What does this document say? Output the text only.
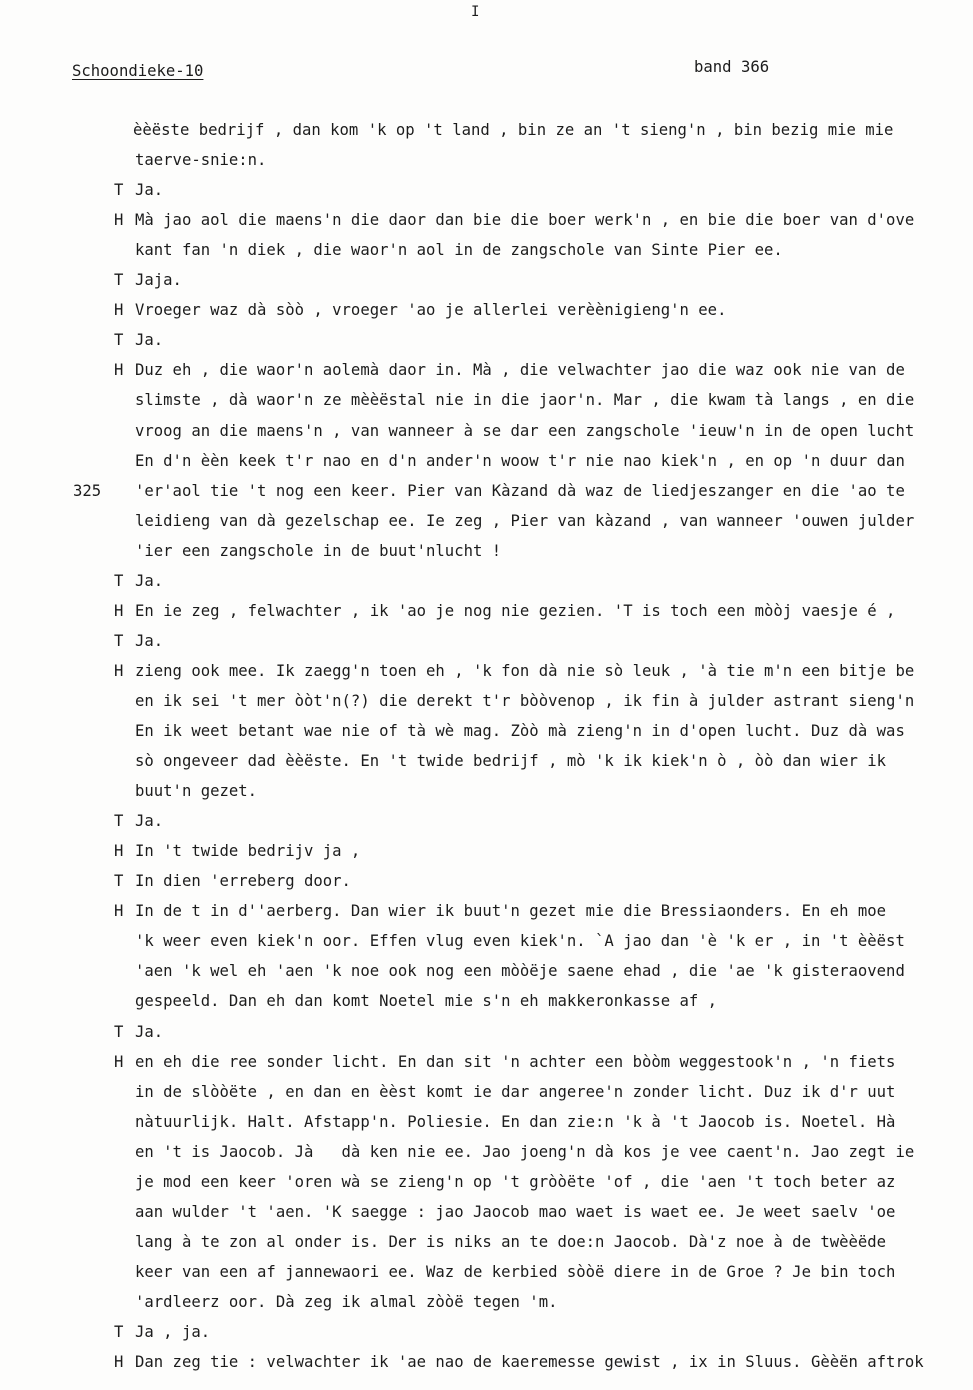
I
Schoondieke-10	band 366
325
èèëste bedrijf , dan kom 'k op 't land , bin ze an 't sieng'n , bin bezig mie mie
taerve-snie:n.
T Ja.
H Mà jao aol die maens'n die daor dan bie die boer werk'n , en bie die boer van d'ove
kant fan 'n diek , die waor'n aol in de zangschole van Sinte Pier ee.
T Jaja.
H Vroeger waz dà sòò , vroeger 'ao je allerlei verèènigieng'n ee.
T Ja.
H Duz eh , die waor'n aolemà daor in. Mà , die velwachter jao die waz ook nie van de
slimste , dà waor'n ze mèèëstal nie in die jaor'n. Mar , die kwam tà langs , en die
vroog an die maens'n , van wanneer à se dar een zangschole 'ieuw'n in de open lucht
En d'n èèn keek t'r nao en d'n ander'n woow t'r nie nao kiek'n , en op 'n duur dan
'er'aol tie 't nog een keer. Pier van Kàzand dà waz de liedjeszanger en die 'ao te
leidieng van dà gezelschap ee. Ie zeg , Pier van kàzand , van wanneer 'ouwen julder
'ier een zangschole in de buut'nlucht !
T Ja.
H En ie zeg , felwachter , ik 'ao je nog nie gezien. 'T is toch een mòòj vaesje é ,
T Ja.
H zieng ook mee. Ik zaegg'n toen eh , 'k fon dà nie sò leuk , 'à tie m'n een bitje be
en ik sei 't mer òòt'n(?) die derekt t'r bòòvenop , ik fin à julder astrant sieng'n
En ik weet betant wae nie of tà wè mag. Zòò mà zieng'n in d'open lucht. Duz dà was
sò ongeveer dad èèëste. En 't twide bedrijf , mò 'k ik kiek'n ò , òò dan wier ik
buut'n gezet.
T Ja.
H In 't twide bedrijv ja ,
T In dien 'erreberg door.
H In de t in d''aerberg. Dan wier ik buut'n gezet mie die Bressiaonders. En eh moe
'k weer even kiek'n oor. Effen vlug even kiek'n. `A jao dan 'è 'k er , in 't èèëst
'aen 'k wel eh 'aen 'k noe ook nog een mòòëje saene ehad , die 'ae 'k gisteraovend
gespeeld. Dan eh dan komt Noetel mie s'n eh makkeronkasse af ,
T Ja.
H en eh die ree sonder licht. En dan sit 'n achter een bòòm weggestook'n , 'n fiets
in de slòòëte , en dan en èèst komt ie dar angeree'n zonder licht. Duz ik d'r uut
nàtuurlijk. Halt. Afstapp'n. Poliesie. En dan zie:n 'k à 't Jaocob is. Noetel. Hà
en 't is Jaocob. Jà   dà ken nie ee. Jao joeng'n dà kos je vee caent'n. Jao zegt ie
je mod een keer 'oren wà se zieng'n op 't gròòëte 'of , die 'aen 't toch beter az
aan wulder 't 'aen. 'K saegge : jao Jaocob mao waet is waet ee. Je weet saelv 'oe
lang à te zon al onder is. Der is niks an te doe:n Jaocob. Dà'z noe à de twèèëde
keer van een af jannewaori ee. Waz de kerbied sòòë diere in de Groe ? Je bin toch
'ardleerz oor. Dà zeg ik almal zòòë tegen 'm.
T Ja , ja.
H Dan zeg tie : velwachter ik 'ae nao de kaeremesse gewist , ix in Sluus. Gèèën aftrok
